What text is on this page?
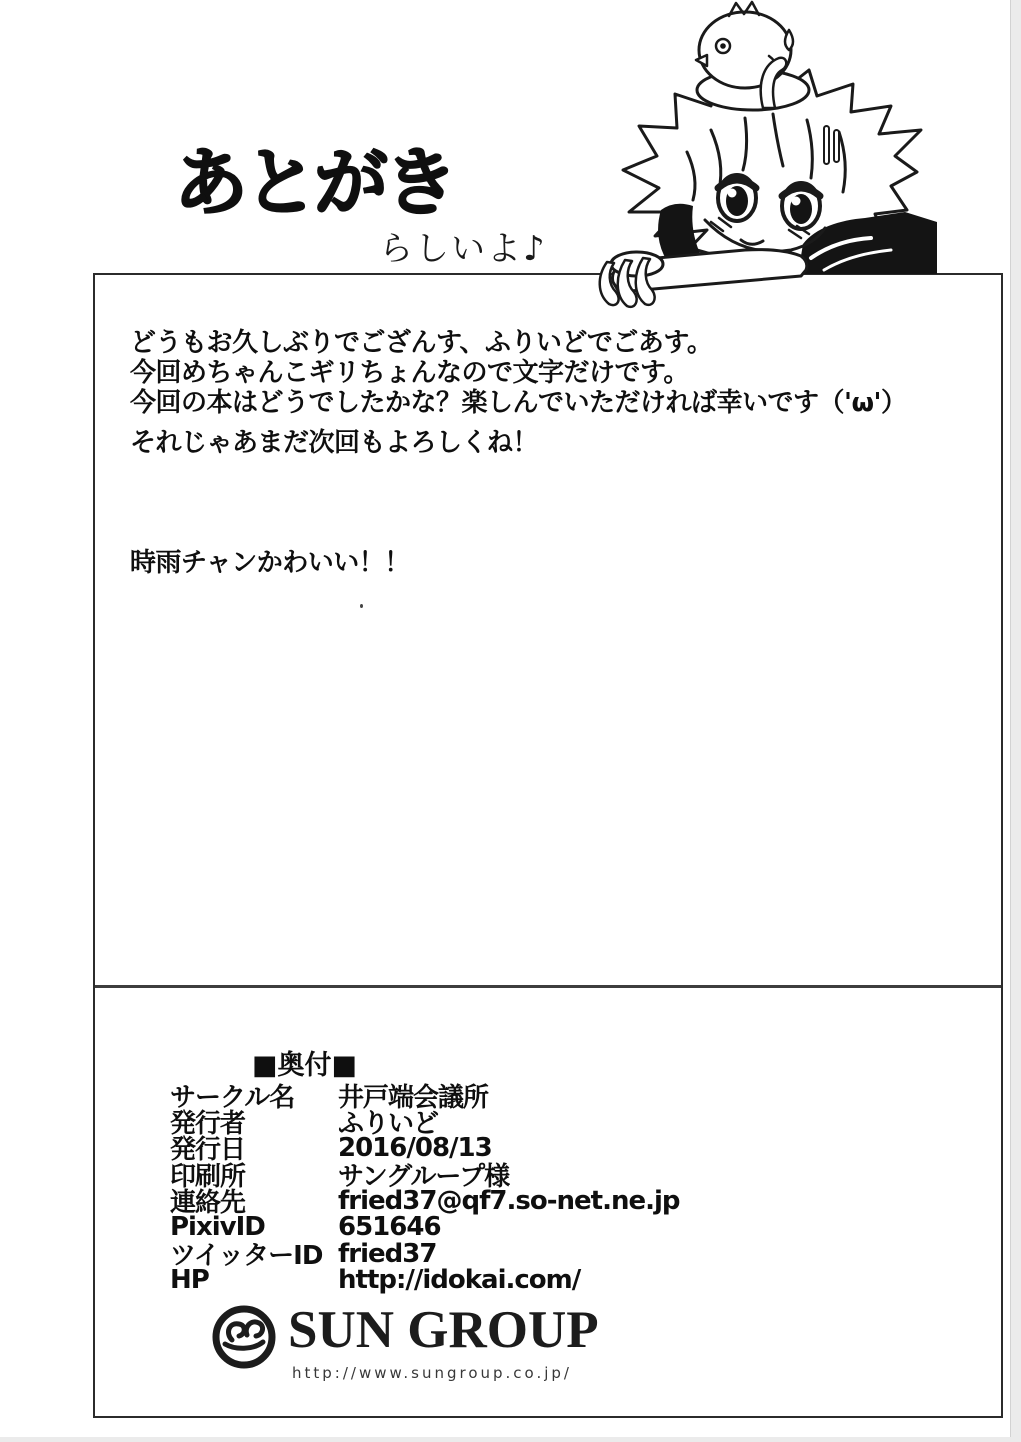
あとがき
らしいよ♪
どうもお久しぶりでござんす、ふりいどでごあす。
今回めちゃんこギリちょんなので文字だけです。
今回の本はどうでしたかな？楽しんでいただければ幸いです（'ω'）
それじゃあまだ次回もよろしくね！
時雨チャンかわいい！！
■奥付■
サークル名	井戸端会議所
発行者	ふりいど
発行日	2016/08/13
印刷所	サングループ様
連絡先	fried37@qf7.so-net.ne.jp
PixivID	651646
ツイッターID fried37
HP	http://idokai.com/
SUN GROUP
http://www.sungroup.co.jp/
